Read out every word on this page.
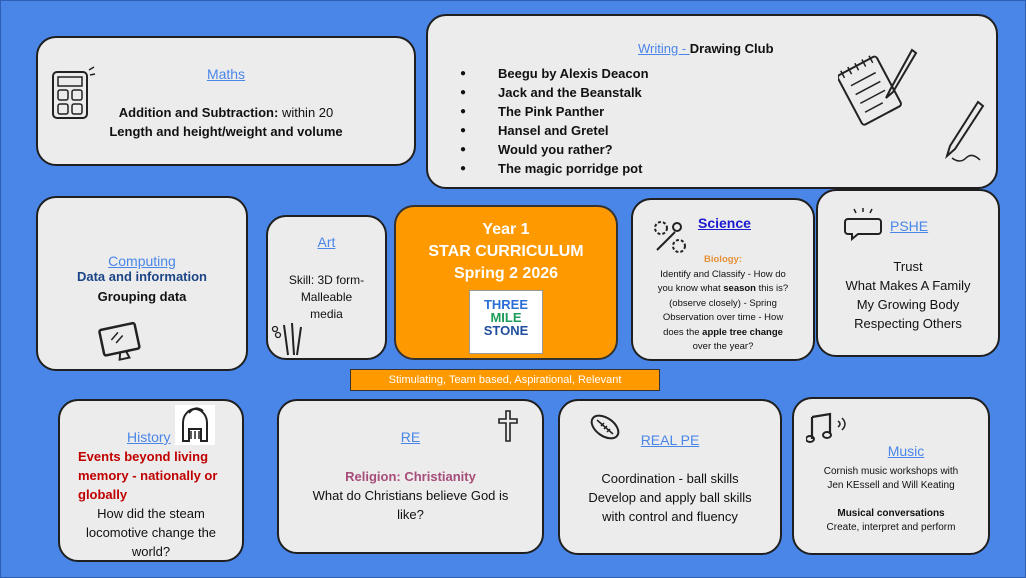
Maths
Addition and Subtraction: within 20
Length and height/weight and volume
Writing - Drawing Club
● Beegu by Alexis Deacon
● Jack and the Beanstalk
● The Pink Panther
● Hansel and Gretel
● Would you rather?
● The magic porridge pot
Computing
Data and information
Grouping data
Art
Skill: 3D form-
Malleable
media
Year 1
STAR CURRICULUM
Spring 2 2026
THREE
MILE
STONE
Science
Biology:
Identify and Classify - How do
you know what season this is?
(observe closely) - Spring
Observation over time - How
does the apple tree change
over the year?
PSHE
Trust
What Makes A Family
My Growing Body
Respecting Others
Stimulating, Team based, Aspirational, Relevant
History
Events beyond living
memory - nationally or
globally
How did the steam
locomotive change the
world?
RE
Religion: Christianity
What do Christians believe God is
like?
REAL PE
Coordination - ball skills
Develop and apply ball skills
with control and fluency
Music
Cornish music workshops with
Jen KEssell and Will Keating
Musical conversations
Create, interpret and perform
